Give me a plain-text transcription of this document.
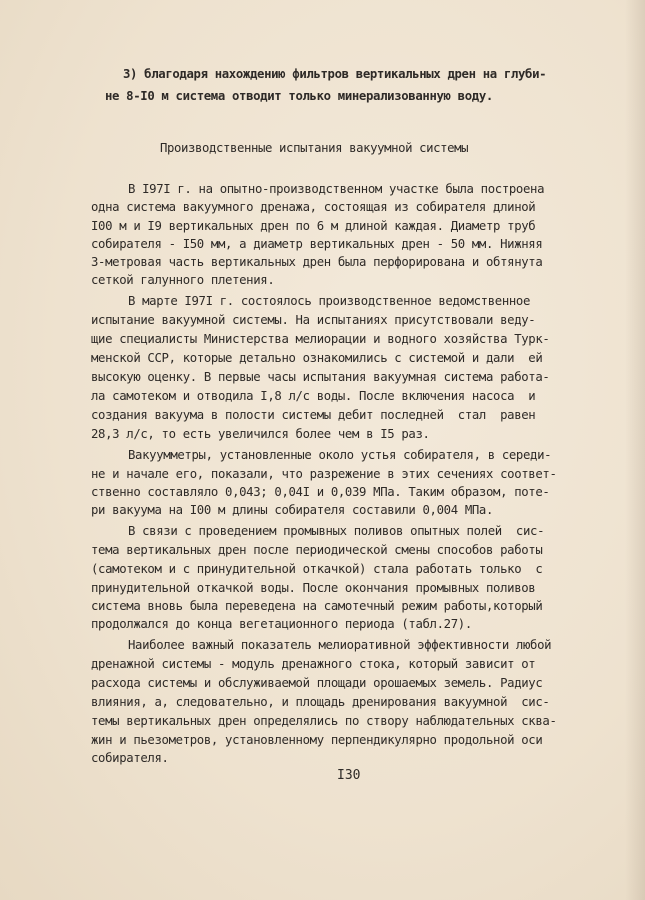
3) благодаря нахождению фильтров вертикальных дрен на глуби-
не 8-I0 м система отводит только минерализованную воду.
Производственные испытания вакуумной системы
В I97I г. на опытно-производственном участке была построена
одна система вакуумного дренажа, состоящая из собирателя длиной
I00 м и I9 вертикальных дрен по 6 м длиной каждая. Диаметр труб
собирателя - I50 мм, а диаметр вертикальных дрен - 50 мм. Нижняя
3-метровая часть вертикальных дрен была перфорирована и обтянута
сеткой галунного плетения.
В марте I97I г. состоялось производственное ведомственное
испытание вакуумной системы. На испытаниях присутствовали веду-
щие специалисты Министерства мелиорации и водного хозяйства Турк-
менской ССР, которые детально ознакомились с системой и дали  ей
высокую оценку. В первые часы испытания вакуумная система работа-
ла самотеком и отводила I,8 л/с воды. После включения насоса  и
создания вакуума в полости системы дебит последней  стал  равен
28,3 л/с, то есть увеличился более чем в I5 раз.
Вакуумметры, установленные около устья собирателя, в середи-
не и начале его, показали, что разрежение в этих сечениях соответ-
ственно составляло 0,043; 0,04I и 0,039 МПа. Таким образом, поте-
ри вакуума на I00 м длины собирателя составили 0,004 МПа.
В связи с проведением промывных поливов опытных полей  сис-
тема вертикальных дрен после периодической смены способов работы
(самотеком и с принудительной откачкой) стала работать только  с
принудительной откачкой воды. После окончания промывных поливов
система вновь была переведена на самотечный режим работы,который
продолжался до конца вегетационного периода (табл.27).
Наиболее важный показатель мелиоративной эффективности любой
дренажной системы - модуль дренажного стока, который зависит от
расхода системы и обслуживаемой площади орошаемых земель. Радиус
влияния, а, следовательно, и площадь дренирования вакуумной  сис-
темы вертикальных дрен определялись по створу наблюдательных сква-
жин и пьезометров, установленному перпендикулярно продольной оси
собирателя.
I30
